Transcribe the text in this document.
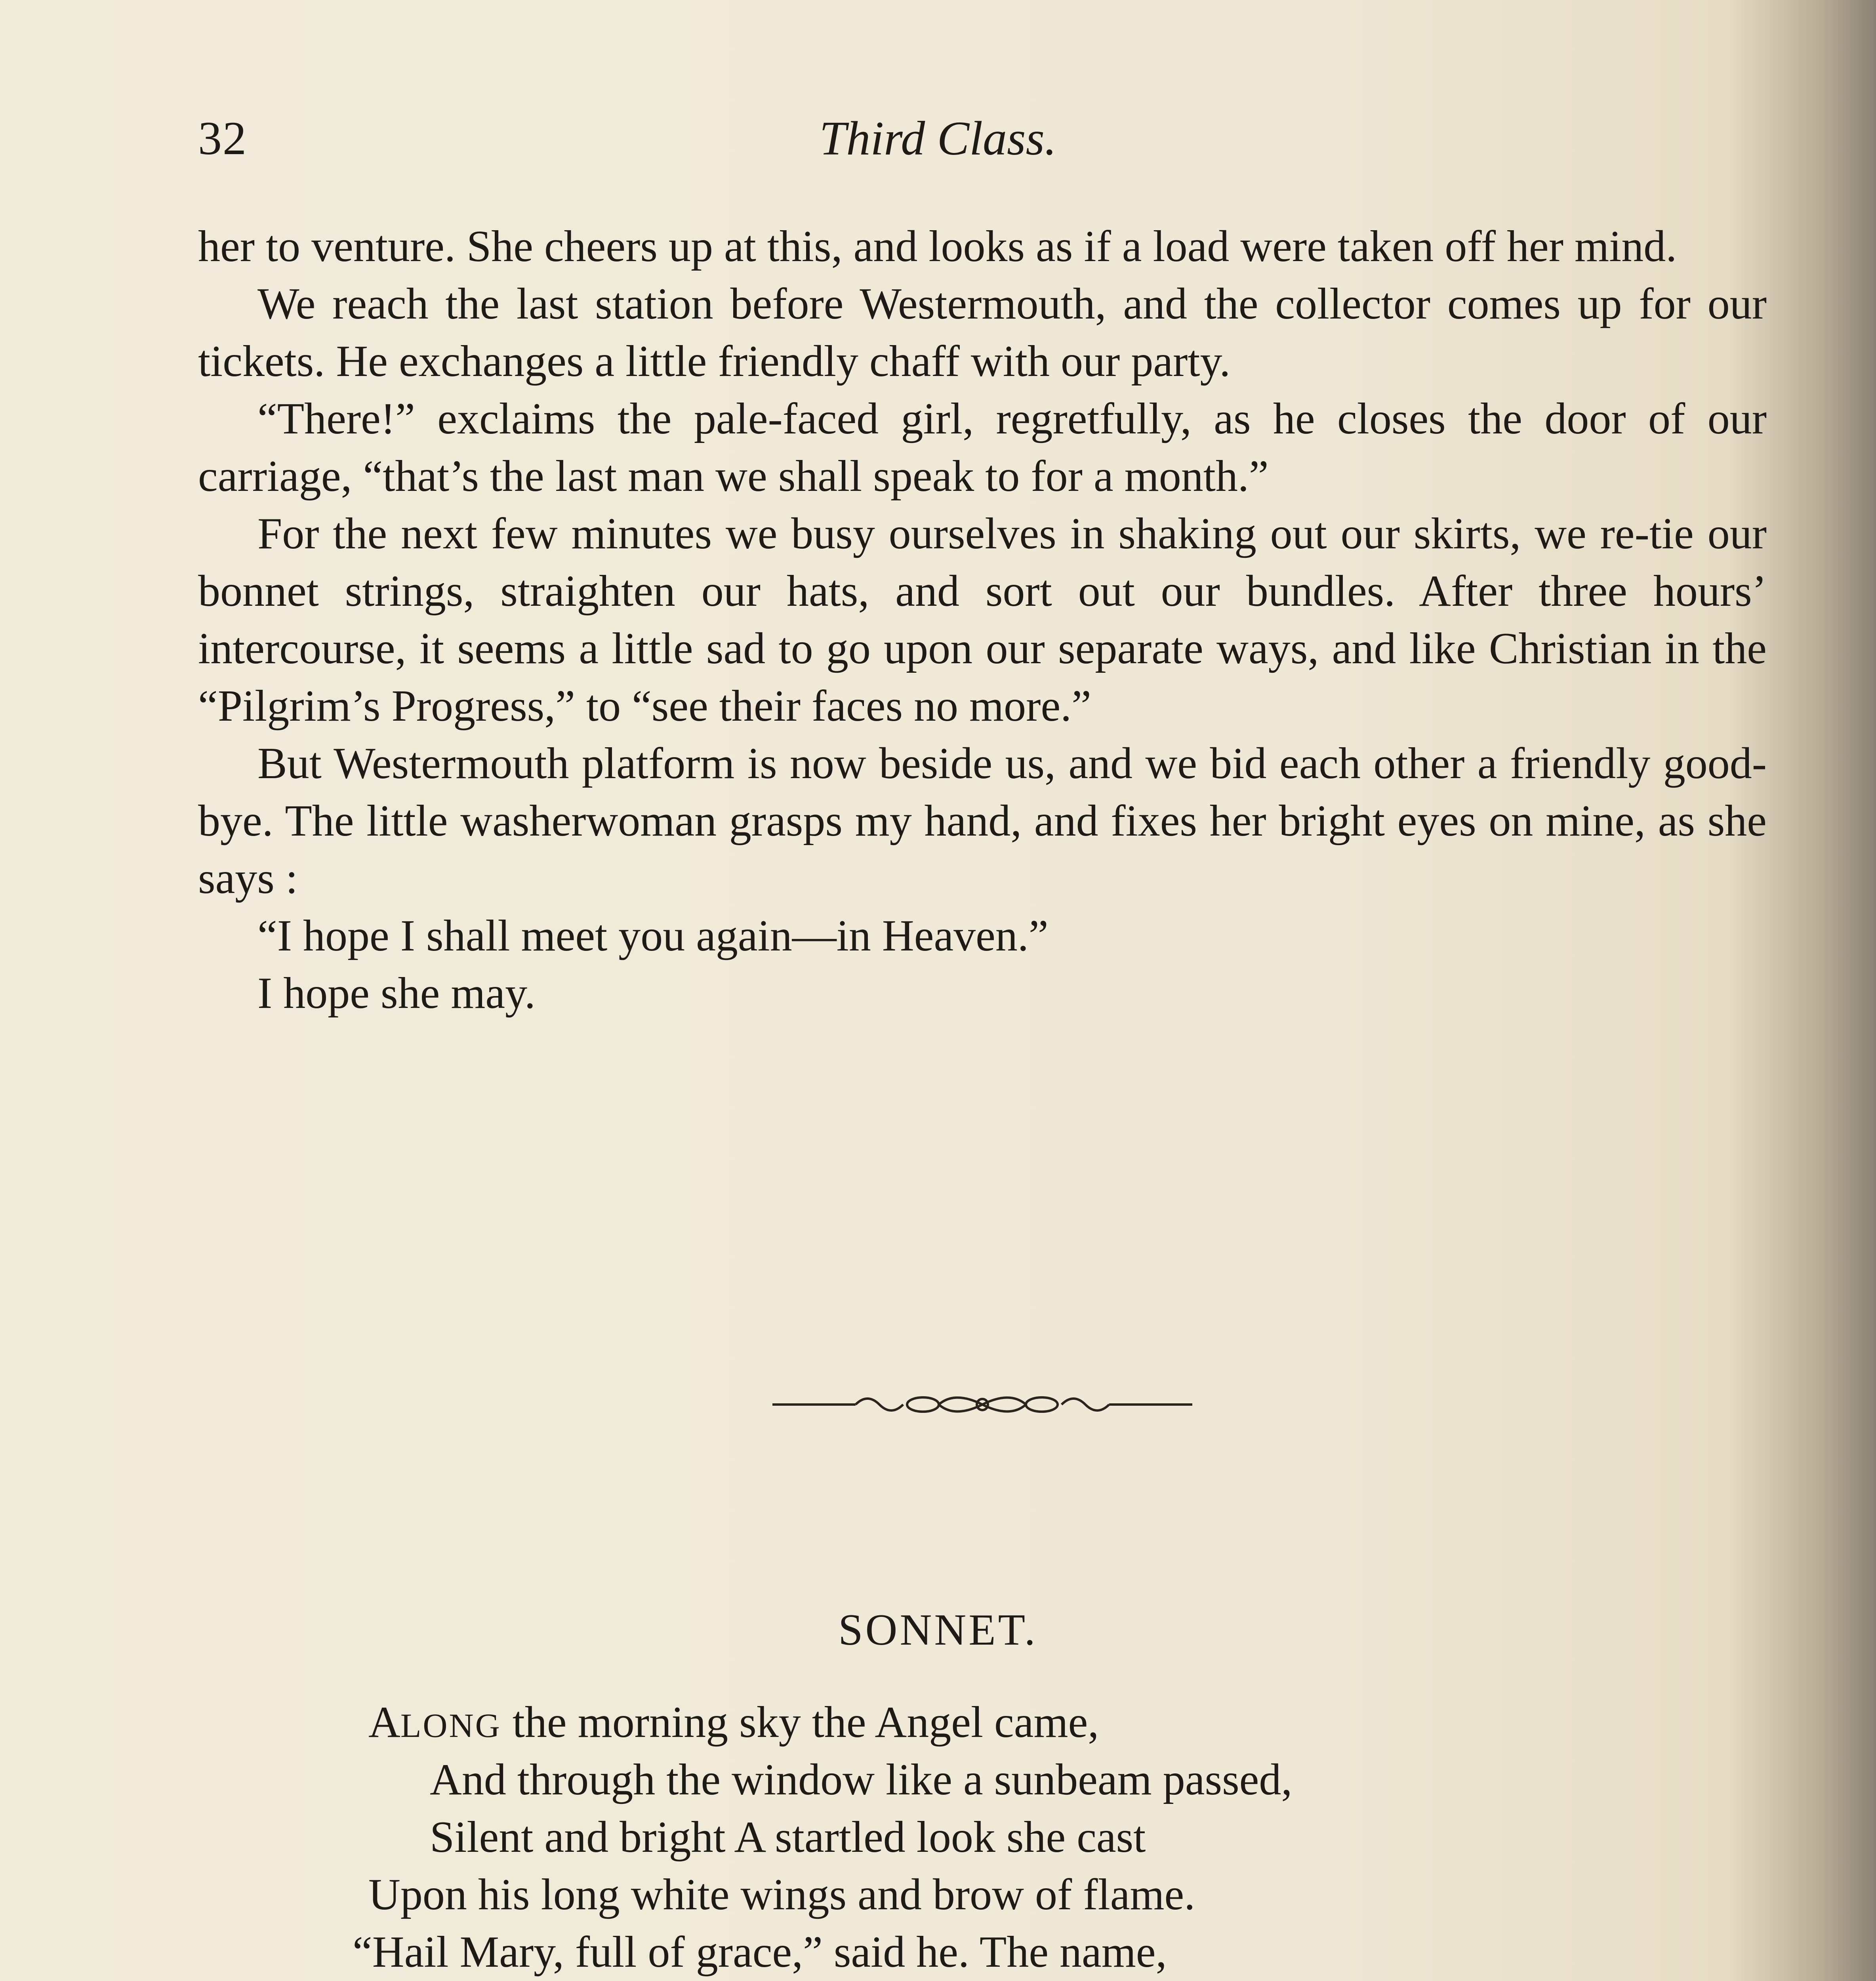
32	Third Class.

her to venture. She cheers up at this, and looks as if a load were taken off her mind.

We reach the last station before Westermouth, and the collector comes up for our tickets. He exchanges a little friendly chaff with our party.

“There!” exclaims the pale-faced girl, regretfully, as he closes the door of our carriage, “that’s the last man we shall speak to for a month.”

For the next few minutes we busy ourselves in shaking out our skirts, we re-tie our bonnet strings, straighten our hats, and sort out our bundles. After three hours’ intercourse, it seems a little sad to go upon our separate ways, and like Christian in the “Pilgrim’s Progress,” to “see their faces no more.”

But Westermouth platform is now beside us, and we bid each other a friendly good-bye. The little washerwoman grasps my hand, and fixes her bright eyes on mine, as she says :

“I hope I shall meet you again—in Heaven.”

I hope she may.

SONNET.
ALONG the morning sky the Angel came,
And through the window like a sunbeam passed,
Silent and bright A startled look she cast
Upon his long white wings and brow of flame.
“Hail Mary, full of grace,” said he. The name,
